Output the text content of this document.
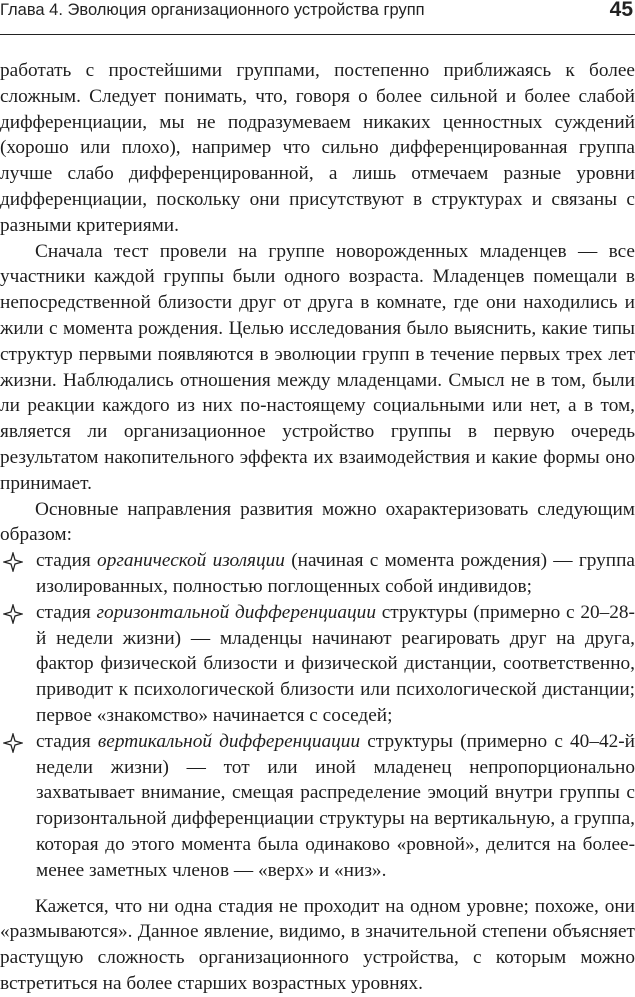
Глава 4. Эволюция организационного устройства групп	45

работать с простейшими группами, постепенно приближаясь к более сложным. Следует понимать, что, говоря о более сильной и более слабой дифференциации, мы не подразумеваем никаких ценностных суждений (хорошо или плохо), например что сильно дифференцированная группа лучше слабо дифференцированной, а лишь отмечаем разные уровни дифференциации, поскольку они присутствуют в структурах и связаны с разными критериями.

Сначала тест провели на группе новорожденных младенцев — все участники каждой группы были одного возраста. Младенцев помещали в непосредственной близости друг от друга в комнате, где они находились и жили с момента рождения. Целью исследования было выяснить, какие типы структур первыми появляются в эволюции групп в течение первых трех лет жизни. Наблюдались отношения между младенцами. Смысл не в том, были ли реакции каждого из них по-настоящему социальными или нет, а в том, является ли организационное устройство группы в первую очередь результатом накопительного эффекта их взаимодействия и какие формы оно принимает.

Основные направления развития можно охарактеризовать следующим образом:

стадия органической изоляции (начиная с момента рождения) — группа изолированных, полностью поглощенных собой индивидов;
стадия горизонтальной дифференциации структуры (примерно с 20–28-й недели жизни) — младенцы начинают реагировать друг на друга, фактор физической близости и физической дистанции, соответственно, приводит к психологической близости или психологической дистанции; первое «знакомство» начинается с соседей;
стадия вертикальной дифференциации структуры (примерно с 40–42-й недели жизни) — тот или иной младенец непропорционально захватывает внимание, смещая распределение эмоций внутри группы с горизонтальной дифференциации структуры на вертикальную, а группа, которая до этого момента была одинаково «ровной», делится на более-менее заметных членов — «верх» и «низ».

Кажется, что ни одна стадия не проходит на одном уровне; похоже, они «размываются». Данное явление, видимо, в значительной степени объясняет растущую сложность организационного устройства, с которым можно встретиться на более старших возрастных уровнях.
